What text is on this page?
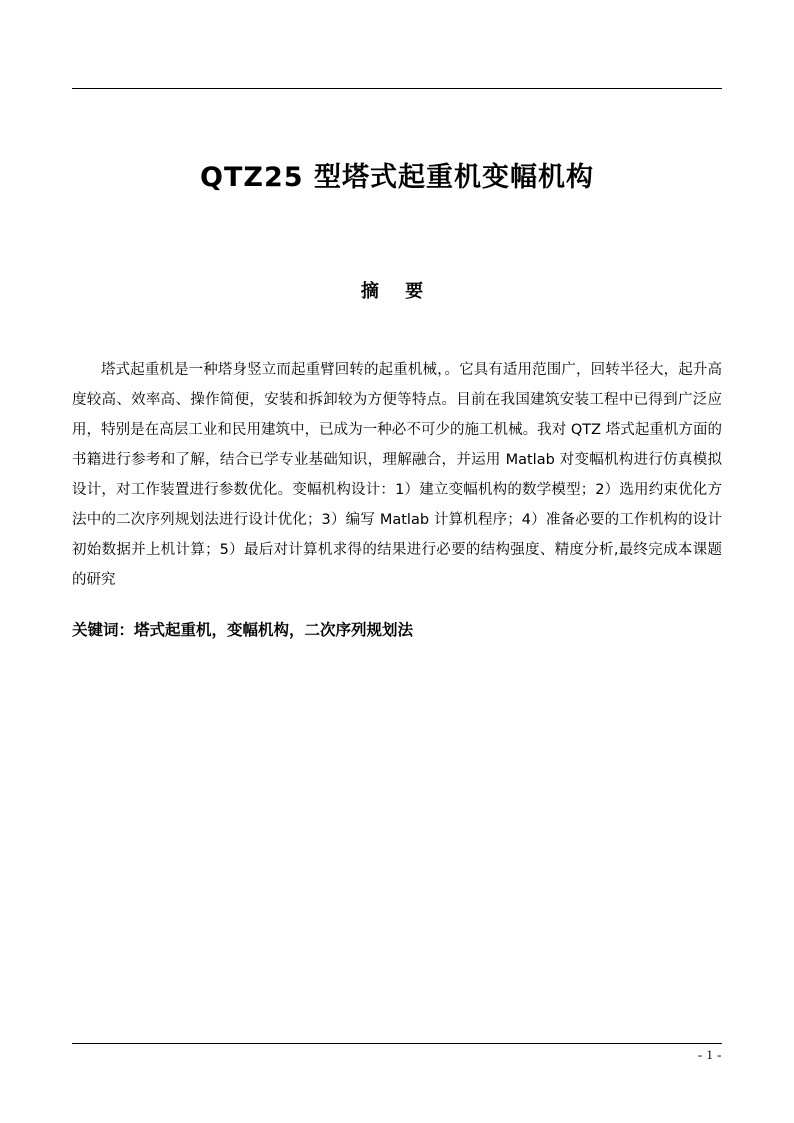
QTZ25 型塔式起重机变幅机构
摘 要

塔式起重机是一种塔身竖立而起重臂回转的起重机械，。它具有适用范围广，回转半径大，起升高度较高、效率高、操作简便，安装和拆卸较为方便等特点。目前在我国建筑安装工程中已得到广泛应用，特别是在高层工业和民用建筑中，已成为一种必不可少的施工机械。我对 QTZ 塔式起重机方面的书籍进行参考和了解，结合已学专业基础知识，理解融合，并运用 Matlab 对变幅机构进行仿真模拟设计，对工作装置进行参数优化。变幅机构设计：1）建立变幅机构的数学模型；2）选用约束优化方法中的二次序列规划法进行设计优化；3）编写 Matlab 计算机程序；4）准备必要的工作机构的设计初始数据并上机计算；5）最后对计算机求得的结果进行必要的结构强度、精度分析,最终完成本课题的研究

关键词：塔式起重机，变幅机构，二次序列规划法

- 1 -
